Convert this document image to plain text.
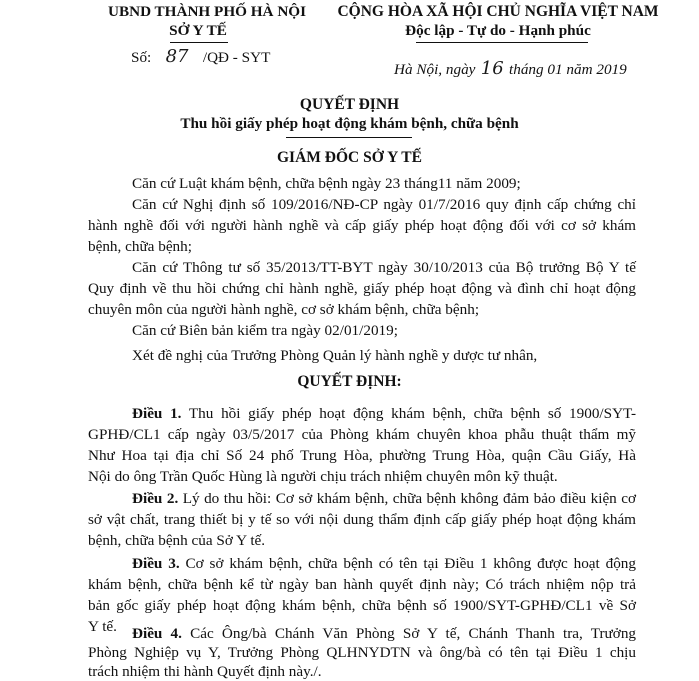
UBND THÀNH PHỐ HÀ NỘI
SỞ Y TẾ
Số: 87 /QĐ - SYT
CỘNG HÒA XÃ HỘI CHỦ NGHĨA VIỆT NAM
Độc lập - Tự do - Hạnh phúc
Hà Nội, ngày 16 tháng 01 năm 2019
QUYẾT ĐỊNH
Thu hồi giấy phép hoạt động khám bệnh, chữa bệnh
GIÁM ĐỐC SỞ Y TẾ
Căn cứ Luật khám bệnh, chữa bệnh ngày 23 tháng11 năm 2009;
Căn cứ Nghị định số 109/2016/NĐ-CP ngày 01/7/2016 quy định cấp chứng chỉ
hành nghề đối với người hành nghề và cấp giấy phép hoạt động đối với cơ sở khám
bệnh, chữa bệnh;
Căn cứ Thông tư số 35/2013/TT-BYT ngày 30/10/2013 của Bộ trưởng Bộ Y tế
Quy định về thu hồi chứng chỉ hành nghề, giấy phép hoạt động và đình chỉ hoạt động
chuyên môn của người hành nghề, cơ sở khám bệnh, chữa bệnh;
Căn cứ Biên bản kiểm tra ngày 02/01/2019;
Xét đề nghị của Trưởng Phòng Quản lý hành nghề y dược tư nhân,
QUYẾT ĐỊNH:
Điều 1. Thu hồi giấy phép hoạt động khám bệnh, chữa bệnh số 1900/SYT-
GPHĐ/CL1 cấp ngày 03/5/2017 của Phòng khám chuyên khoa phẫu thuật thẩm mỹ
Như Hoa tại địa chỉ Số 24 phố Trung Hòa, phường Trung Hòa, quận Cầu Giấy, Hà
Nội do ông Trần Quốc Hùng là người chịu trách nhiệm chuyên môn kỹ thuật.
Điều 2. Lý do thu hồi: Cơ sở khám bệnh, chữa bệnh không đảm bảo điều kiện cơ
sở vật chất, trang thiết bị y tế so với nội dung thẩm định cấp giấy phép hoạt động khám
bệnh, chữa bệnh của Sở Y tế.
Điều 3. Cơ sở khám bệnh, chữa bệnh có tên tại Điều 1 không được hoạt động
khám bệnh, chữa bệnh kể từ ngày ban hành quyết định này; Có trách nhiệm nộp trả
bản gốc giấy phép hoạt động khám bệnh, chữa bệnh số 1900/SYT-GPHĐ/CL1 về Sở
Y tế. Điều 4. Các Ông/bà Chánh Văn Phòng Sở Y tế, Chánh Thanh tra, Trưởng
Phòng Nghiệp vụ Y, Trưởng Phòng QLHNYDTN và ông/bà có tên tại Điều 1 chịu
trách nhiệm thi hành Quyết định này./.
